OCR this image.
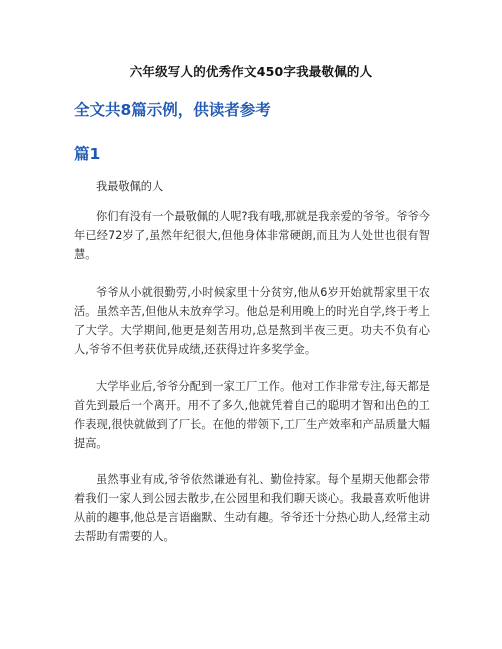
六年级写人的优秀作文450字我最敬佩的人
全文共8篇示例，供读者参考
篇1
我最敬佩的人
你们有没有一个最敬佩的人呢?我有哦,那就是我亲爱的爷爷。爷爷今年已经72岁了,虽然年纪很大,但他身体非常硬朗,而且为人处世也很有智慧。
爷爷从小就很勤劳,小时候家里十分贫穷,他从6岁开始就帮家里干农活。虽然辛苦,但他从未放弃学习。他总是利用晚上的时光自学,终于考上了大学。大学期间,他更是刻苦用功,总是熬到半夜三更。功夫不负有心人,爷爷不但考获优异成绩,还获得过许多奖学金。
大学毕业后,爷爷分配到一家工厂工作。他对工作非常专注,每天都是首先到最后一个离开。用不了多久,他就凭着自己的聪明才智和出色的工作表现,很快就做到了厂长。在他的带领下,工厂生产效率和产品质量大幅提高。
虽然事业有成,爷爷依然谦逊有礼、勤俭持家。每个星期天他都会带着我们一家人到公园去散步,在公园里和我们聊天谈心。我最喜欢听他讲从前的趣事,他总是言语幽默、生动有趣。爷爷还十分热心助人,经常主动去帮助有需要的人。
